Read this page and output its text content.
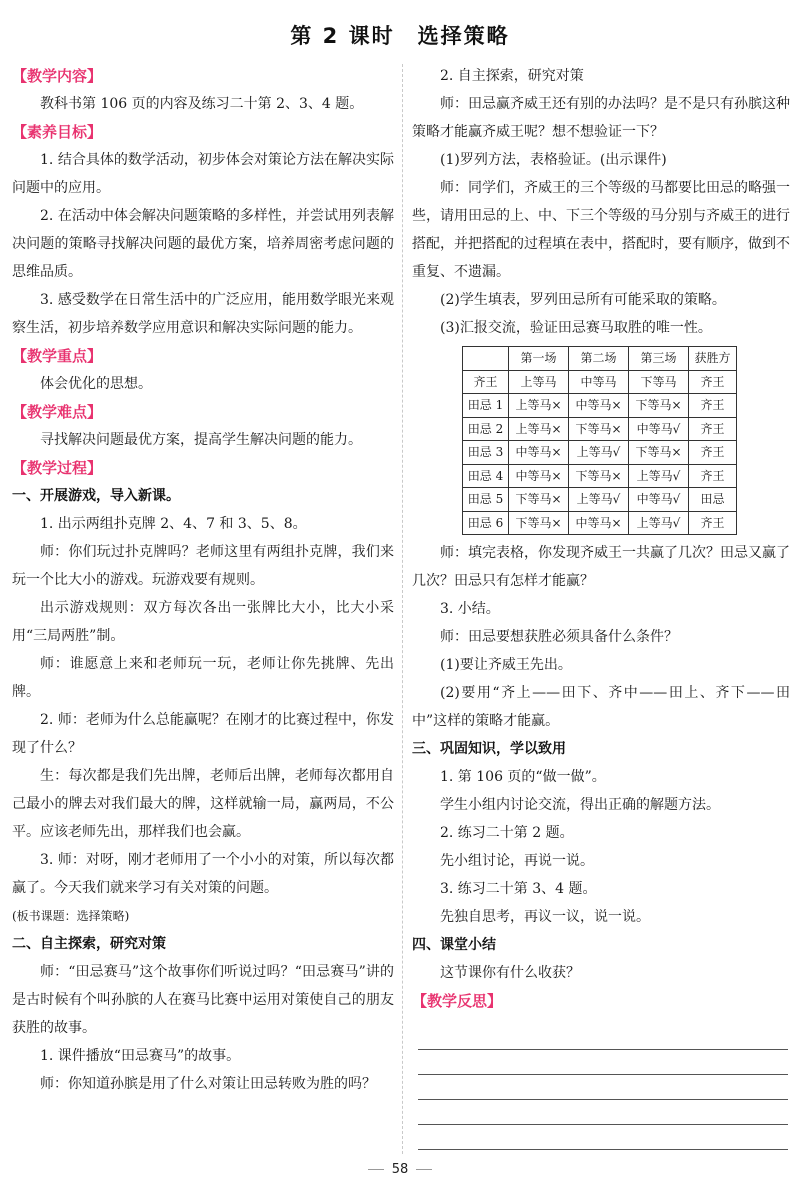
第 2 课时　选择策略
【教学内容】
教科书第 106 页的内容及练习二十第 2、3、4 题。
【素养目标】
1. 结合具体的数学活动，初步体会对策论方法在解决实际问题中的应用。
2. 在活动中体会解决问题策略的多样性，并尝试用列表解决问题的策略寻找解决问题的最优方案，培养周密考虑问题的思维品质。
3. 感受数学在日常生活中的广泛应用，能用数学眼光来观察生活，初步培养数学应用意识和解决实际问题的能力。
【教学重点】
体会优化的思想。
【教学难点】
寻找解决问题最优方案，提高学生解决问题的能力。
【教学过程】
一、开展游戏，导入新课。
1. 出示两组扑克牌 2、4、7 和 3、5、8。
师：你们玩过扑克牌吗？老师这里有两组扑克牌，我们来玩一个比大小的游戏。玩游戏要有规则。
出示游戏规则：双方每次各出一张牌比大小，比大小采用“三局两胜”制。
师：谁愿意上来和老师玩一玩，老师让你先挑牌、先出牌。
2. 师：老师为什么总能赢呢？在刚才的比赛过程中，你发现了什么？
生：每次都是我们先出牌，老师后出牌，老师每次都用自己最小的牌去对我们最大的牌，这样就输一局，赢两局，不公平。应该老师先出，那样我们也会赢。
3. 师：对呀，刚才老师用了一个小小的对策，所以每次都赢了。今天我们就来学习有关对策的问题。
(板书课题：选择策略)
二、自主探索，研究对策
师：“田忌赛马”这个故事你们听说过吗？“田忌赛马”讲的是古时候有个叫孙膑的人在赛马比赛中运用对策使自己的朋友获胜的故事。
1. 课件播放“田忌赛马”的故事。
师：你知道孙膑是用了什么对策让田忌转败为胜的吗？
2. 自主探索，研究对策
师：田忌赢齐威王还有别的办法吗？是不是只有孙膑这种策略才能赢齐威王呢？想不想验证一下？
(1)罗列方法，表格验证。(出示课件)
师：同学们，齐威王的三个等级的马都要比田忌的略强一些，请用田忌的上、中、下三个等级的马分别与齐威王的进行搭配，并把搭配的过程填在表中，搭配时，要有顺序，做到不重复、不遗漏。
(2)学生填表，罗列田忌所有可能采取的策略。
(3)汇报交流，验证田忌赛马取胜的唯一性。
	第一场	第二场	第三场	获胜方
齐王	上等马	中等马	下等马	齐王
田忌 1	上等马×	中等马×	下等马×	齐王
田忌 2	上等马×	下等马×	中等马√	齐王
田忌 3	中等马×	上等马√	下等马×	齐王
田忌 4	中等马×	下等马×	上等马√	齐王
田忌 5	下等马×	上等马√	中等马√	田忌
田忌 6	下等马×	中等马×	上等马√	齐王
师：填完表格，你发现齐威王一共赢了几次？田忌又赢了几次？田忌只有怎样才能赢？
3. 小结。
师：田忌要想获胜必须具备什么条件？
(1)要让齐威王先出。
(2)要用“齐上——田下、齐中——田上、齐下——田中”这样的策略才能赢。
三、巩固知识，学以致用
1. 第 106 页的“做一做”。
学生小组内讨论交流，得出正确的解题方法。
2. 练习二十第 2 题。
先小组讨论，再说一说。
3. 练习二十第 3、4 题。
先独自思考，再议一议，说一说。
四、课堂小结
这节课你有什么收获？
【教学反思】
58
